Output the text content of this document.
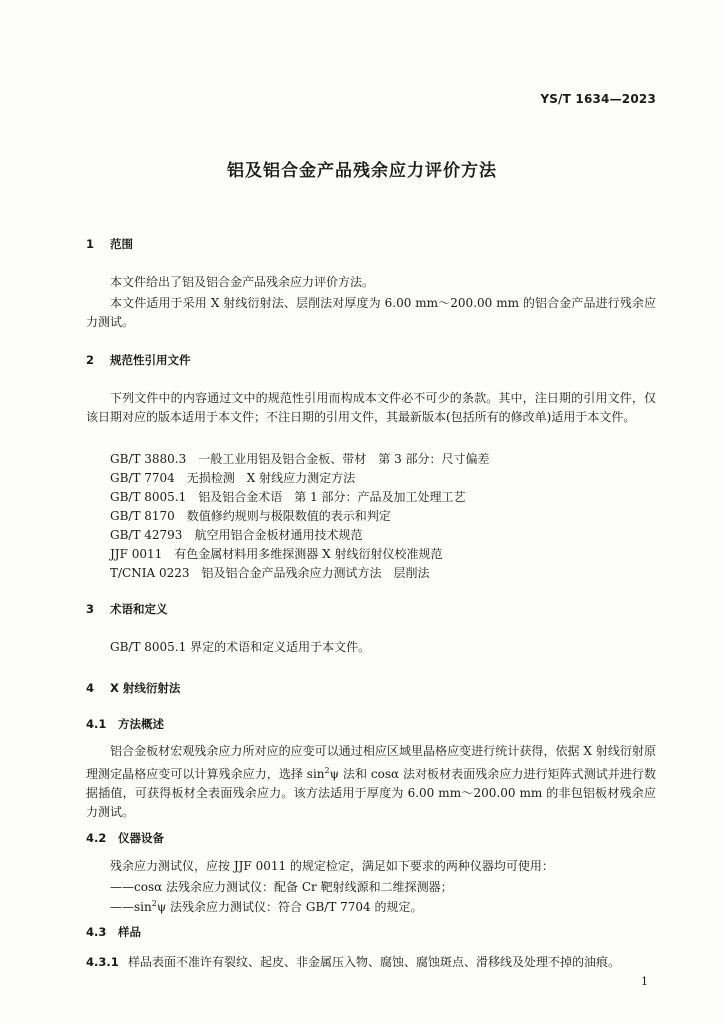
YS/T 1634—2023
铝及铝合金产品残余应力评价方法
1 范围
本文件给出了铝及铝合金产品残余应力评价方法。
本文件适用于采用 X 射线衍射法、层削法对厚度为 6.00 mm～200.00 mm 的铝合金产品进行残余应力测试。
2 规范性引用文件
下列文件中的内容通过文中的规范性引用而构成本文件必不可少的条款。其中，注日期的引用文件，仅该日期对应的版本适用于本文件；不注日期的引用文件，其最新版本(包括所有的修改单)适用于本文件。
GB/T 3880.3　一般工业用铝及铝合金板、带材　第 3 部分：尺寸偏差
GB/T 7704　无损检测　X 射线应力测定方法
GB/T 8005.1　铝及铝合金术语　第 1 部分：产品及加工处理工艺
GB/T 8170　数值修约规则与极限数值的表示和判定
GB/T 42793　航空用铝合金板材通用技术规范
JJF 0011　有色金属材料用多维探测器 X 射线衍射仪校准规范
T/CNIA 0223　铝及铝合金产品残余应力测试方法　层削法
3 术语和定义
GB/T 8005.1 界定的术语和定义适用于本文件。
4 X 射线衍射法
4.1 方法概述
铝合金板材宏观残余应力所对应的应变可以通过相应区域里晶格应变进行统计获得，依据 X 射线衍射原理测定晶格应变可以计算残余应力，选择 $\sin^2\psi$ 法和 cosα 法对板材表面残余应力进行矩阵式测试并进行数据插值，可获得板材全表面残余应力。该方法适用于厚度为 6.00 mm～200.00 mm 的非包铝板材残余应力测试。
4.2 仪器设备
残余应力测试仪，应按 JJF 0011 的规定检定，满足如下要求的两种仪器均可使用：
——cosα 法残余应力测试仪：配备 Cr 靶射线源和二维探测器；
$——\sin^2\psi$ 法残余应力测试仪：符合 GB/T 7704 的规定。
4.3 样品
4.3.1 样品表面不准许有裂纹、起皮、非金属压入物、腐蚀、腐蚀斑点、滑移线及处理不掉的油痕。
1
